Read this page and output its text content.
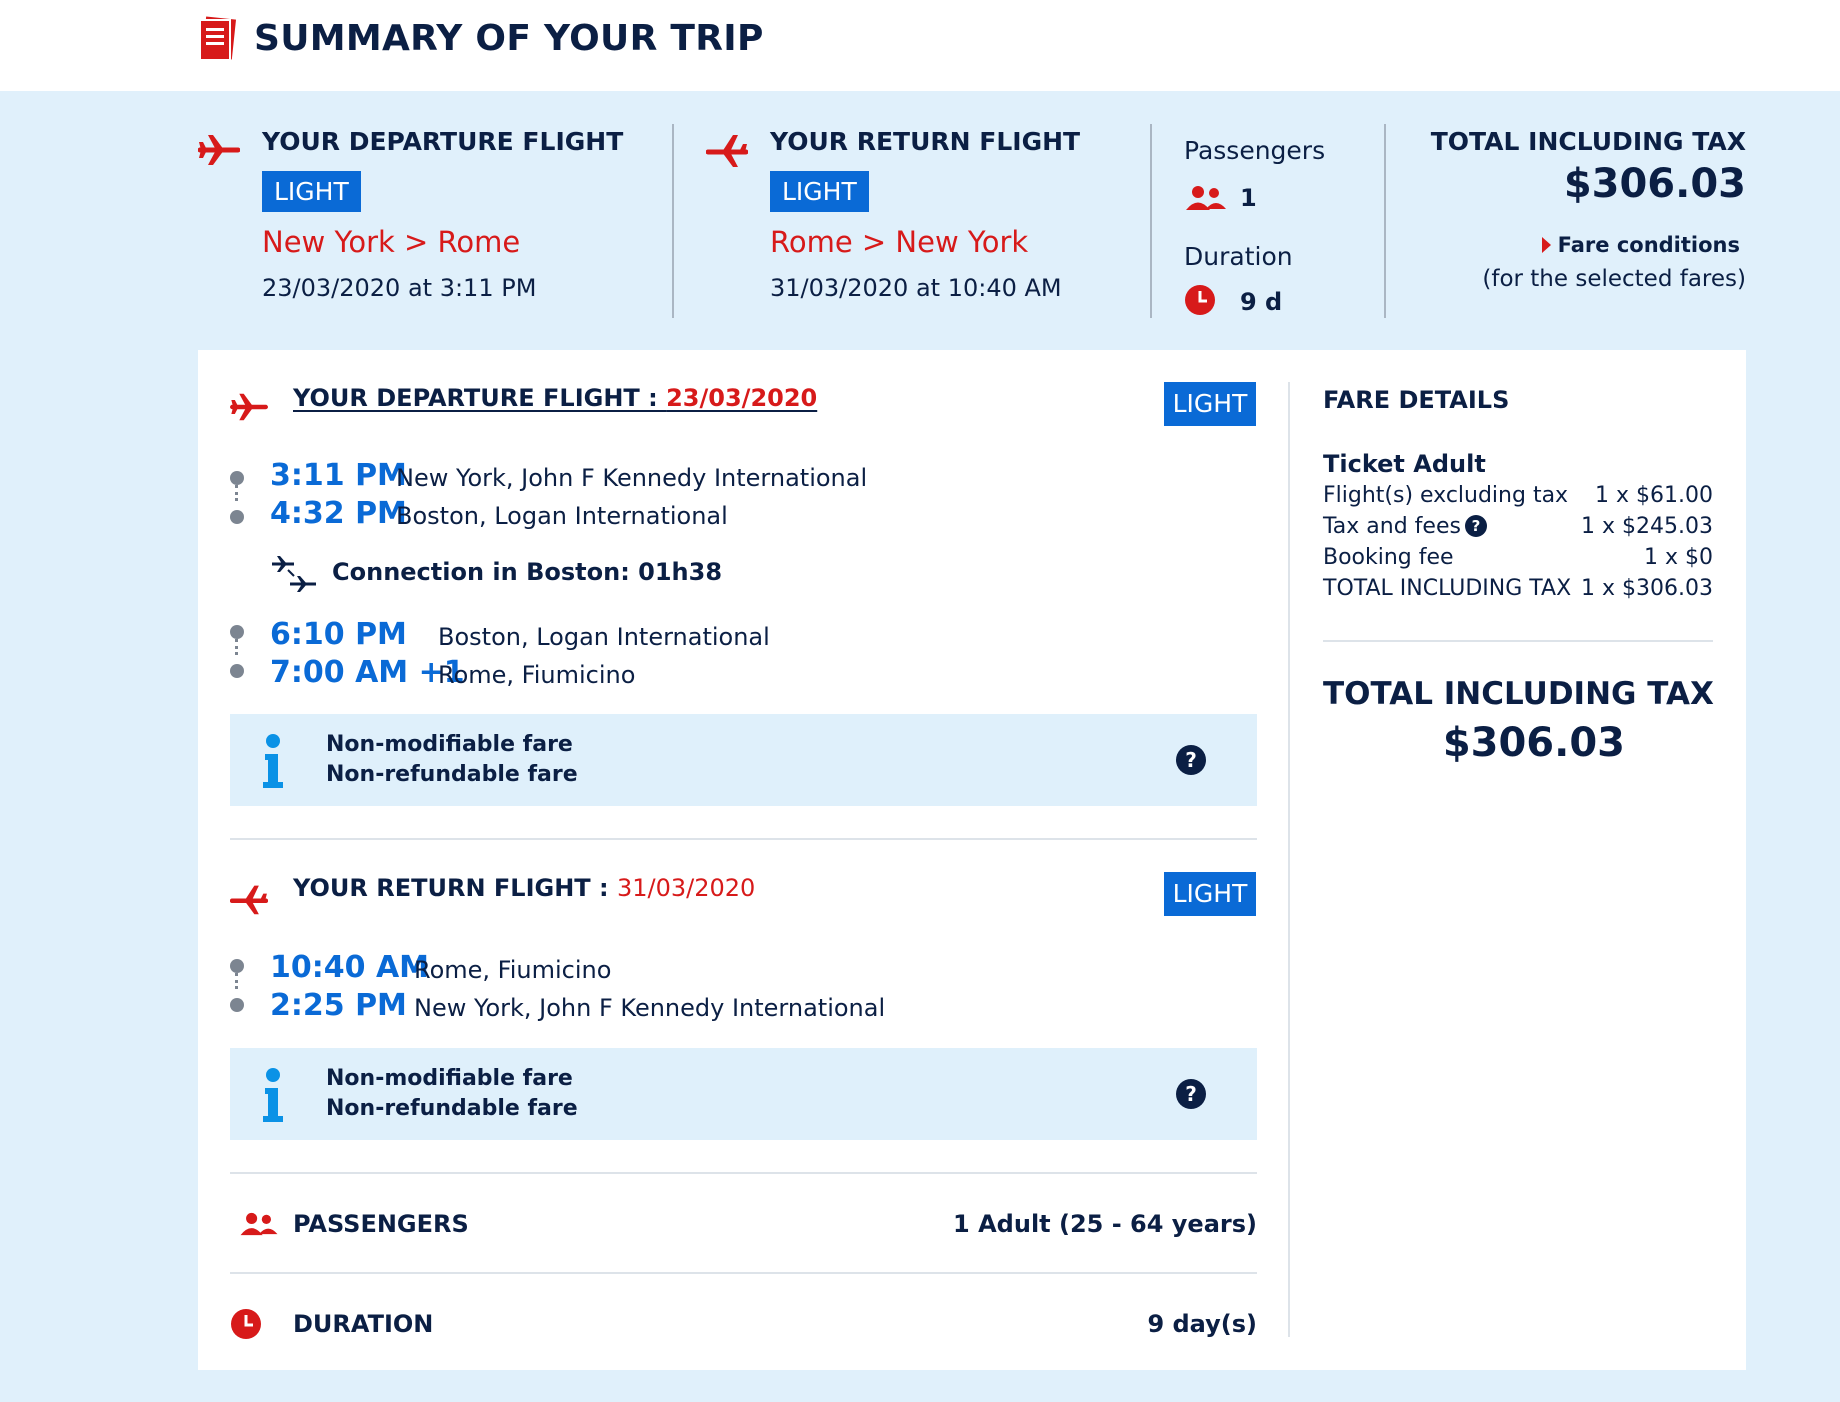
SUMMARY OF YOUR TRIP
YOUR DEPARTURE FLIGHT
LIGHT
New York > Rome
23/03/2020 at 3:11 PM
YOUR RETURN FLIGHT
LIGHT
Rome > New York
31/03/2020 at 10:40 AM
Passengers
1
Duration
9 d
TOTAL INCLUDING TAX
$306.03
Fare conditions
(for the selected fares)
YOUR DEPARTURE FLIGHT : 23/03/2020	LIGHT
3:11 PM
New York, John F Kennedy International
4:32 PM
Boston, Logan International
Connection in Boston: 01h38
6:10 PM Boston, Logan International
7:00 AM +1
Rome, Fiumicino
Non-modifiable fare
Non-refundable fare
?
YOUR RETURN FLIGHT : 31/03/2020	LIGHT
10:40 AM
Rome, Fiumicino
2:25 PM New York, John F Kennedy International
Non-modifiable fare
Non-refundable fare
?
PASSENGERS	1 Adult (25 - 64 years)
DURATION	9 day(s)
FARE DETAILS
Ticket Adult
Flight(s) excluding tax 1 x $61.00
Tax and fees ?	1 x $245.03
Booking fee	1 x $0
TOTAL INCLUDING TAX 1 x $306.03
TOTAL INCLUDING TAX
$306.03
